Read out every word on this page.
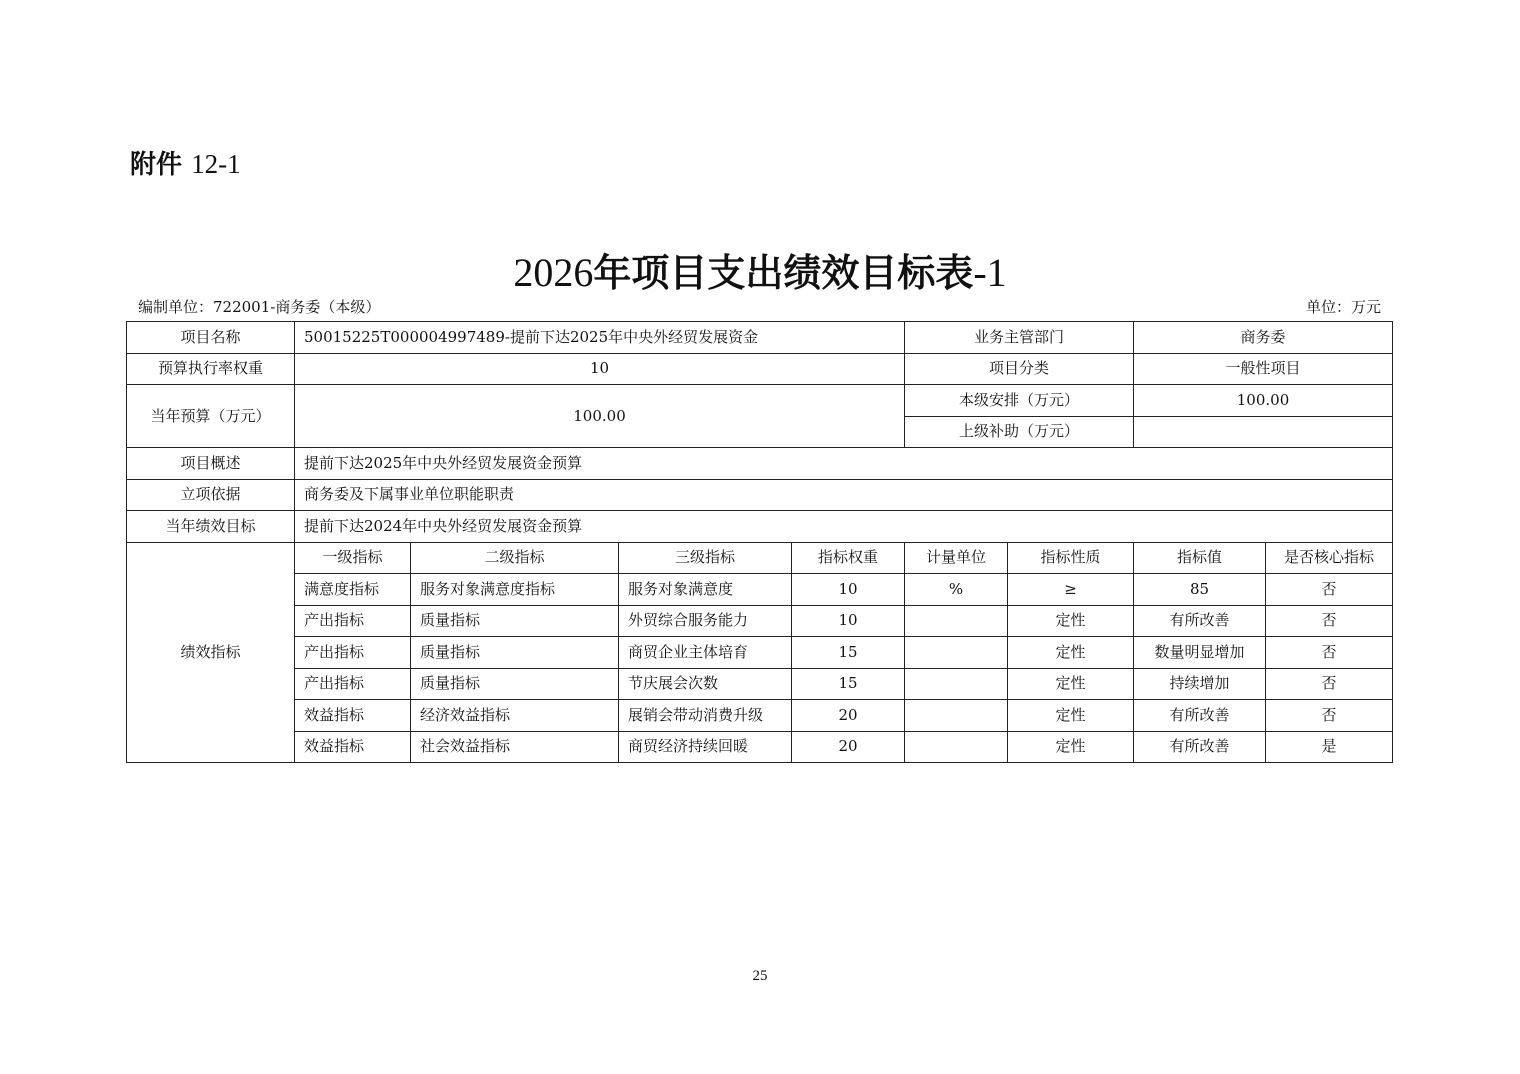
附件 12-1
2026年项目支出绩效目标表-1
编制单位：722001-商务委（本级）	单位：万元
项目名称	50015225T000004997489-提前下达2025年中央外经贸发展资金				业务主管部门		商务委	
预算执行率权重	10				项目分类		一般性项目	
当年预算（万元）	100.00				本级安排（万元）		100.00	
					上级补助（万元）			
项目概述	提前下达2025年中央外经贸发展资金预算							
立项依据	商务委及下属事业单位职能职责							
当年绩效目标	提前下达2024年中央外经贸发展资金预算							
绩效指标	一级指标	二级指标	三级指标	指标权重	计量单位	指标性质	指标值	是否核心指标
	满意度指标	服务对象满意度指标	服务对象满意度	10	%	≥	85	否
	产出指标	质量指标	外贸综合服务能力	10		定性	有所改善	否
	产出指标	质量指标	商贸企业主体培育	15		定性	数量明显增加	否
	产出指标	质量指标	节庆展会次数	15		定性	持续增加	否
	效益指标	经济效益指标	展销会带动消费升级	20		定性	有所改善	否
	效益指标	社会效益指标	商贸经济持续回暖	20		定性	有所改善	是
25
